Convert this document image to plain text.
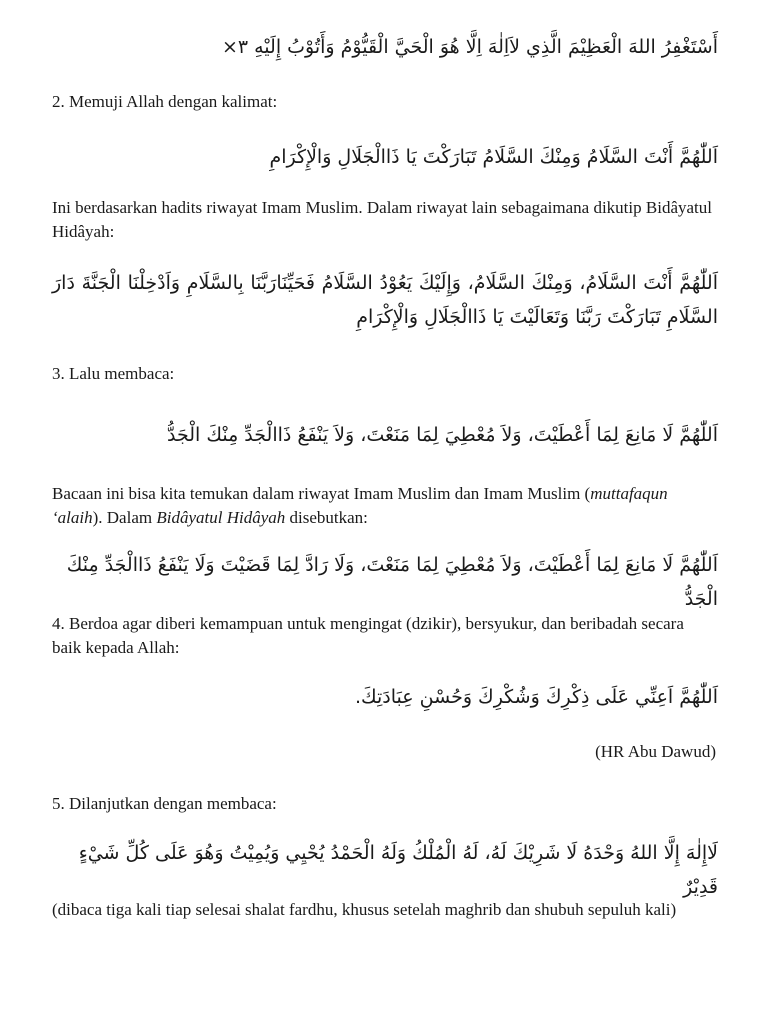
أَسْتَغْفِرُ اللهَ الْعَظِيْمَ الَّذِي لاَاِلٰهَ اِلَّا هُوَ الْحَيَّ الْقَيُّوْمُ وَأَتُوْبُ إِلَيْهِ ٣×

2. Memuji Allah dengan kalimat:

اَللّٰهُمَّ أَنْتَ السَّلَامُ وَمِنْكَ السَّلَامُ تَبَارَكْتَ يَا ذَاالْجَلَالِ وَالْإِكْرَامِ

Ini berdasarkan hadits riwayat Imam Muslim. Dalam riwayat lain sebagaimana dikutip Bidâyatul Hidâyah:

اَللّٰهُمَّ أَنْتَ السَّلَامُ، وَمِنْكَ السَّلَامُ، وَإِلَيْكَ يَعُوْدُ السَّلَامُ فَحَيِّنَارَبَّنَا بِالسَّلَامِ وَاَدْخِلْنَا الْجَنَّةَ دَارَ السَّلَامِ تَبَارَكْتَ رَبَّنَا وَتَعَالَيْتَ يَا ذَاالْجَلَالِ وَالْإِكْرَامِ

3. Lalu membaca:

اَللّٰهُمَّ لَا مَانِعَ لِمَا أَعْطَيْتَ، وَلاَ مُعْطِيَ لِمَا مَنَعْتَ، وَلاَ يَنْفَعُ ذَاالْجَدِّ مِنْكَ الْجَدُّ

Bacaan ini bisa kita temukan dalam riwayat Imam Muslim dan Imam Muslim (muttafaqun ‘alaih). Dalam Bidâyatul Hidâyah disebutkan:

اَللّٰهُمَّ لَا مَانِعَ لِمَا أَعْطَيْتَ، وَلاَ مُعْطِيَ لِمَا مَنَعْتَ، وَلَا رَادَّ لِمَا قَضَيْتَ وَلَا يَنْفَعُ ذَاالْجَدِّ مِنْكَ الْجَدُّ

4. Berdoa agar diberi kemampuan untuk mengingat (dzikir), bersyukur, dan beribadah secara baik kepada Allah:

اَللّٰهُمَّ اَعِنِّي عَلَى ذِكْرِكَ وَشُكْرِكَ وَحُسْنِ عِبَادَتِكَ.

(HR Abu Dawud)

5. Dilanjutkan dengan membaca:

لَاإِلٰهَ إِلَّا اللهُ وَحْدَهُ لَا شَرِيْكَ لَهُ، لَهُ الْمُلْكُ وَلَهُ الْحَمْدُ يُحْيِي وَيُمِيْتُ وَهُوَ عَلَى كُلِّ شَيْءٍ قَدِيْرٌ

(dibaca tiga kali tiap selesai shalat fardhu, khusus setelah maghrib dan shubuh sepuluh kali)
